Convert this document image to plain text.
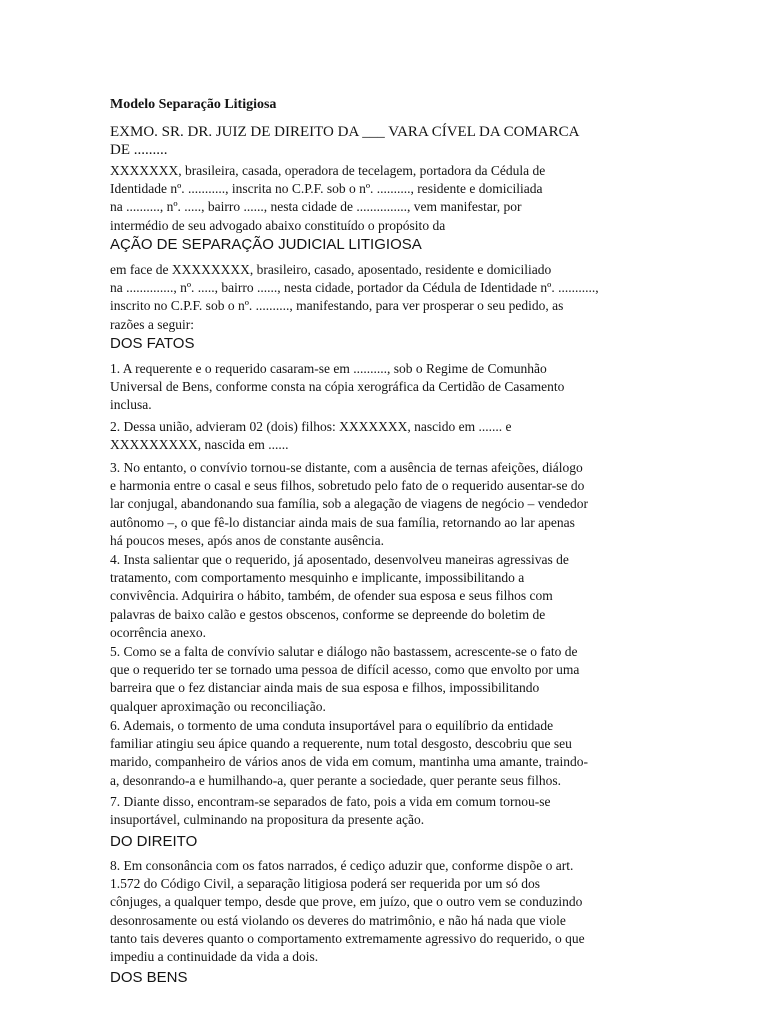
Modelo Separação Litigiosa
EXMO. SR. DR. JUIZ DE DIREITO DA ___ VARA CÍVEL DA COMARCA
DE .........
XXXXXXX, brasileira, casada, operadora de tecelagem, portadora da Cédula de
Identidade nº. ..........., inscrita no C.P.F. sob o nº. .........., residente e domiciliada
na .........., nº. ....., bairro ......, nesta cidade de ..............., vem manifestar, por
intermédio de seu advogado abaixo constituído o propósito da
AÇÃO DE SEPARAÇÃO JUDICIAL LITIGIOSA
em face de XXXXXXXX, brasileiro, casado, aposentado, residente e domiciliado
na .............., nº. ....., bairro ......, nesta cidade, portador da Cédula de Identidade nº. ...........,
inscrito no C.P.F. sob o nº. .........., manifestando, para ver prosperar o seu pedido, as
razões a seguir:
DOS FATOS
1. A requerente e o requerido casaram-se em .........., sob o Regime de Comunhão
Universal de Bens, conforme consta na cópia xerográfica da Certidão de Casamento
inclusa.
2. Dessa união, advieram 02 (dois) filhos: XXXXXXX, nascido em ....... e
XXXXXXXXX, nascida em ......
3. No entanto, o convívio tornou-se distante, com a ausência de ternas afeições, diálogo
e harmonia entre o casal e seus filhos, sobretudo pelo fato de o requerido ausentar-se do
lar conjugal, abandonando sua família, sob a alegação de viagens de negócio – vendedor
autônomo –, o que fê-lo distanciar ainda mais de sua família, retornando ao lar apenas
há poucos meses, após anos de constante ausência.
4. Insta salientar que o requerido, já aposentado, desenvolveu maneiras agressivas de
tratamento, com comportamento mesquinho e implicante, impossibilitando a
convivência. Adquirira o hábito, também, de ofender sua esposa e seus filhos com
palavras de baixo calão e gestos obscenos, conforme se depreende do boletim de
ocorrência anexo.
5. Como se a falta de convívio salutar e diálogo não bastassem, acrescente-se o fato de
que o requerido ter se tornado uma pessoa de difícil acesso, como que envolto por uma
barreira que o fez distanciar ainda mais de sua esposa e filhos, impossibilitando
qualquer aproximação ou reconciliação.
6. Ademais, o tormento de uma conduta insuportável para o equilíbrio da entidade
familiar atingiu seu ápice quando a requerente, num total desgosto, descobriu que seu
marido, companheiro de vários anos de vida em comum, mantinha uma amante, traindo-
a, desonrando-a e humilhando-a, quer perante a sociedade, quer perante seus filhos.
7. Diante disso, encontram-se separados de fato, pois a vida em comum tornou-se
insuportável, culminando na propositura da presente ação.
DO DIREITO
8. Em consonância com os fatos narrados, é cediço aduzir que, conforme dispõe o art.
1.572 do Código Civil, a separação litigiosa poderá ser requerida por um só dos
cônjuges, a qualquer tempo, desde que prove, em juízo, que o outro vem se conduzindo
desonrosamente ou está violando os deveres do matrimônio, e não há nada que viole
tanto tais deveres quanto o comportamento extremamente agressivo do requerido, o que
impediu a continuidade da vida a dois.
DOS BENS
